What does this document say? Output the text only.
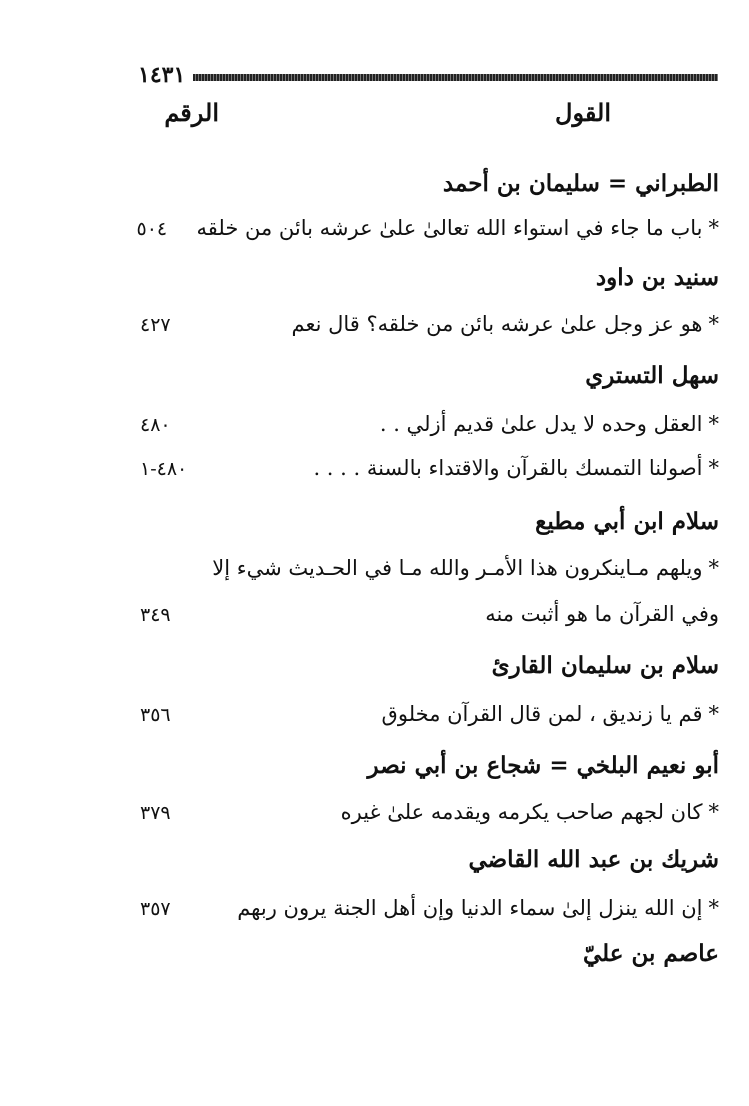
١٤٣١
القول
الرقم
الطبراني = سليمان بن أحمد
*باب ما جاء في استواء الله تعالىٰ علىٰ عرشه بائن من خلقه
٥٠٤
سنيد بن داود
*هو عز وجل علىٰ عرشه بائن من خلقه؟ قال نعم
٤٢٧
سهل التستري
*العقل وحده لا يدل علىٰ قديم أزلي . .
٤٨٠
*أصولنا التمسك بالقرآن والاقتداء بالسنة . . . .
٤٨٠-١
سلام ابن أبي مطيع
*ويلهم مـاينكرون هذا الأمـر والله مـا في الحـديث شيء إلا
وفي القرآن ما هو أثبت منه
٣٤٩
سلام بن سليمان القارئ
*قم يا زنديق ، لمن قال القرآن مخلوق
٣٥٦
أبو نعيم البلخي = شجاع بن أبي نصر
*كان لجهم صاحب يكرمه ويقدمه علىٰ غيره
٣٧٩
شريك بن عبد الله القاضي
*إن الله ينزل إلىٰ سماء الدنيا وإن أهل الجنة يرون ربهم
٣٥٧
عاصم بن عليّ
